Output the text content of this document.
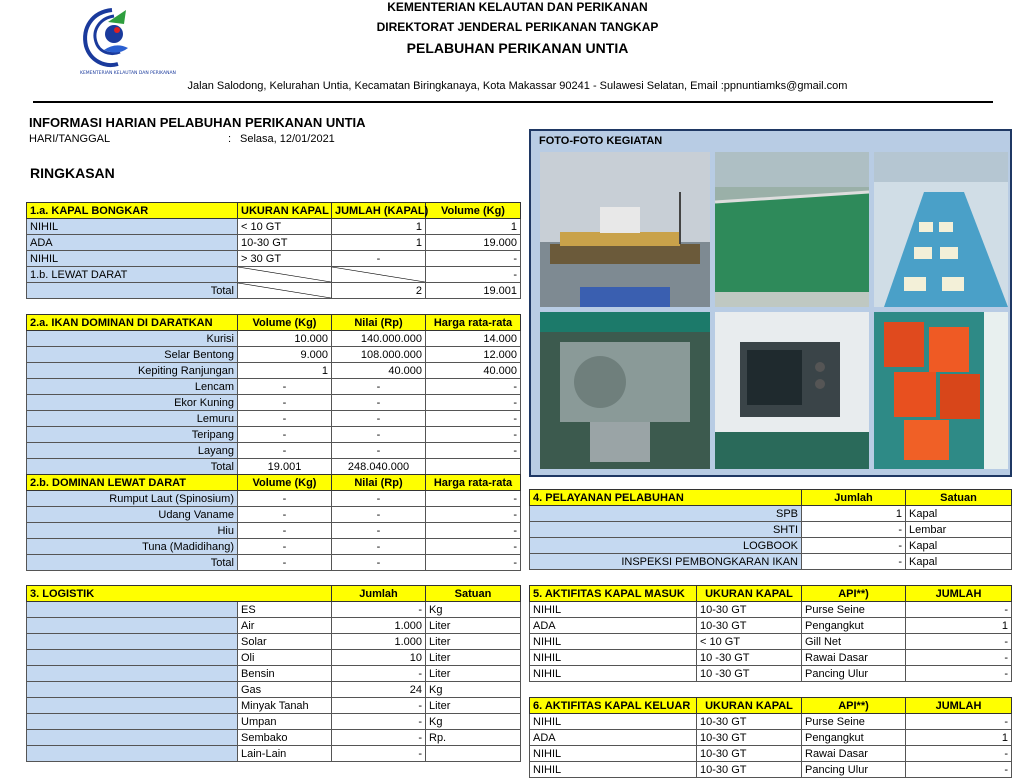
KEMENTERIAN KELAUTAN DAN PERIKANAN
KEMENTERIAN KELAUTAN DAN PERIKANAN
DIREKTORAT JENDERAL PERIKANAN TANGKAP
PELABUHAN PERIKANAN UNTIA
Jalan Salodong, Kelurahan Untia, Kecamatan Biringkanaya, Kota Makassar 90241 - Sulawesi Selatan, Email :ppnuntiamks@gmail.com
INFORMASI HARIAN PELABUHAN PERIKANAN UNTIA
HARI/TANGGAL	: Selasa, 12/01/2021
RINGKASAN
1.a. KAPAL BONGKAR	UKURAN KAPAL	JUMLAH (KAPAL)	Volume (Kg)
NIHIL	< 10 GT	1	1
ADA	10-30 GT	1	19.000
NIHIL	> 30 GT	-	-
1.b. LEWAT DARAT			-
Total		2	19.001
2.a. IKAN DOMINAN DI DARATKAN	Volume (Kg)	Nilai (Rp)	Harga rata-rata
Kurisi	10.000	140.000.000	14.000
Selar Bentong	9.000	108.000.000	12.000
Kepiting Ranjungan	1	40.000	40.000
Lencam	-	-	-
Ekor Kuning	-	-	-
Lemuru	-	-	-
Teripang	-	-	-
Layang	-	-	-
Total	19.001	248.040.000	
2.b. DOMINAN LEWAT DARAT	Volume (Kg)	Nilai (Rp)	Harga rata-rata
Rumput Laut (Spinosium)	-	-	-
Udang Vaname	-	-	-
Hiu	-	-	-
Tuna (Madidihang)	-	-	-
Total	-	-	-
3. LOGISTIK		Jumlah	Satuan
	ES	-	Kg
	Air	1.000	Liter
	Solar	1.000	Liter
	Oli	10	Liter
	Bensin	-	Liter
	Gas	24	Kg
	Minyak Tanah	-	Liter
	Umpan	-	Kg
	Sembako	-	Rp.
	Lain-Lain	-	
FOTO-FOTO KEGIATAN
4. PELAYANAN PELABUHAN	Jumlah	Satuan
SPB	1	Kapal
SHTI	-	Lembar
LOGBOOK	-	Kapal
INSPEKSI PEMBONGKARAN IKAN	-	Kapal
5. AKTIFITAS KAPAL MASUK	UKURAN KAPAL	API**)	JUMLAH
NIHIL	10-30 GT	Purse Seine	-
ADA	10-30 GT	Pengangkut	1
NIHIL	< 10 GT	Gill Net	-
NIHIL	10 -30 GT	Rawai Dasar	-
NIHIL	10 -30 GT	Pancing Ulur	-
6. AKTIFITAS KAPAL KELUAR	UKURAN KAPAL	API**)	JUMLAH
NIHIL	10-30 GT	Purse Seine	-
ADA	10-30 GT	Pengangkut	1
NIHIL	10-30 GT	Rawai Dasar	-
NIHIL	10-30 GT	Pancing Ulur	-
